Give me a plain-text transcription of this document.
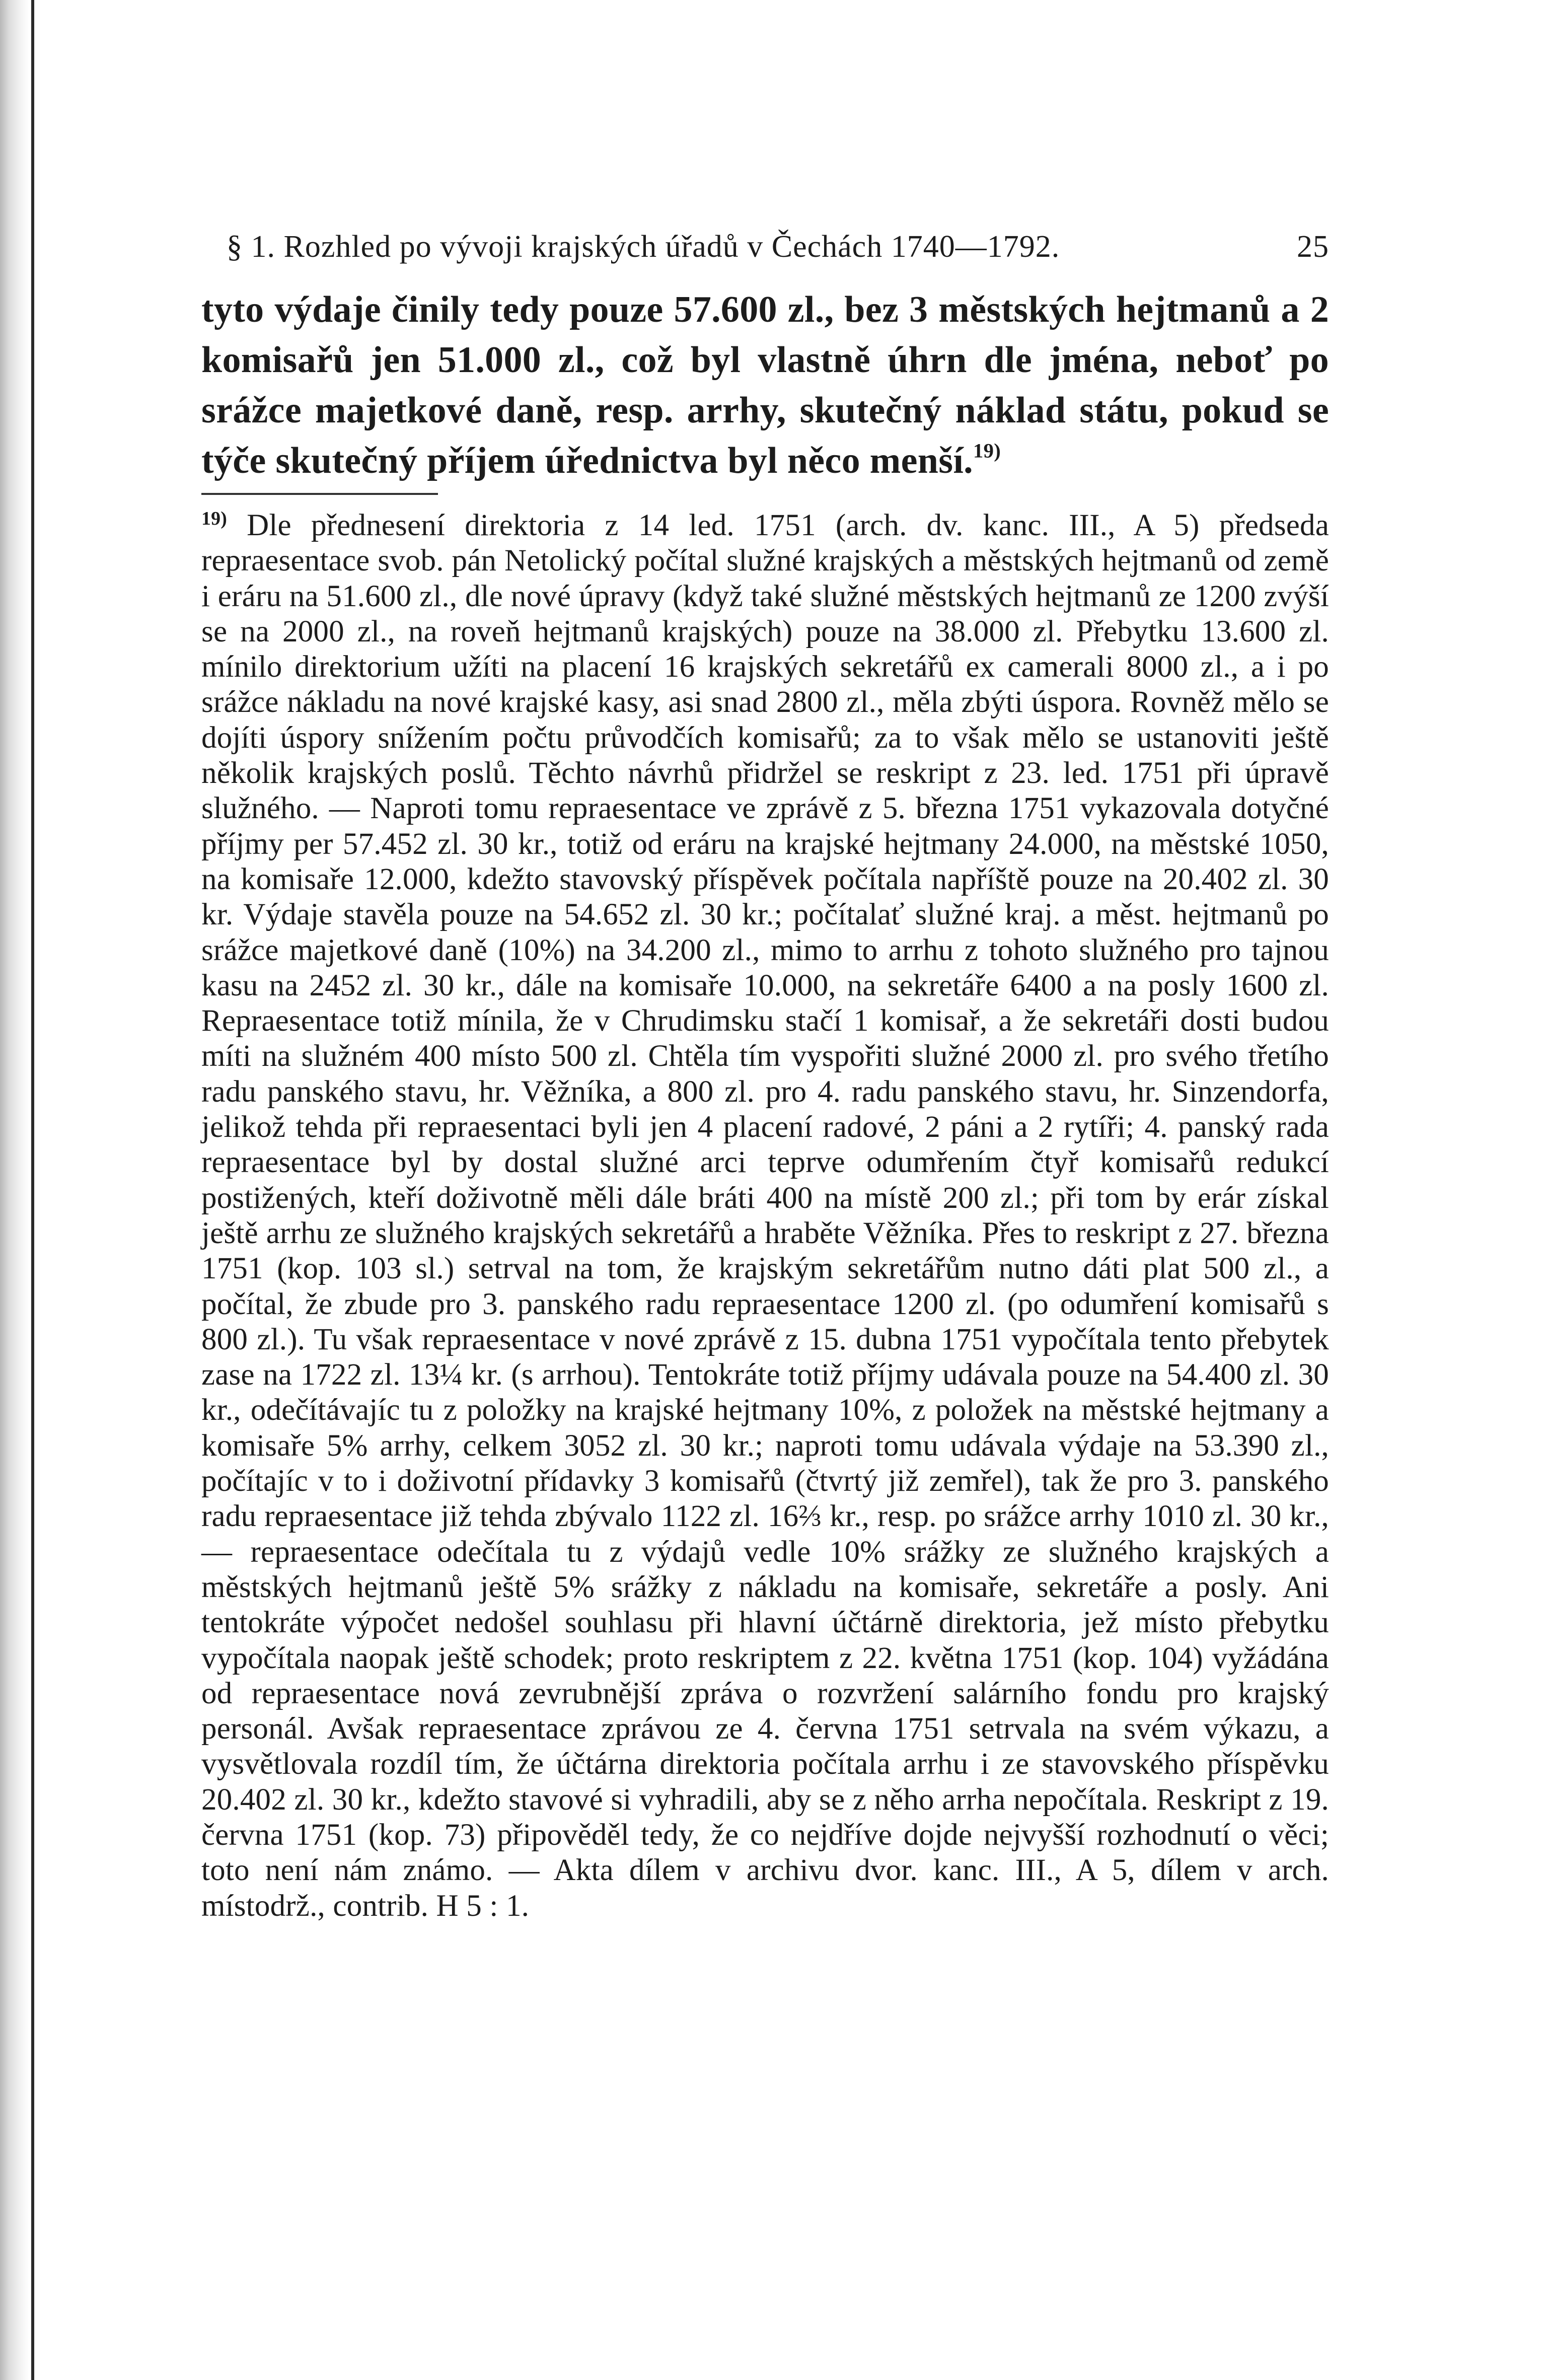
§ 1. Rozhled po vývoji krajských úřadů v Čechách 1740—1792.	25

tyto výdaje činily tedy pouze 57.600 zl., bez 3 městských hejtmanů a 2 komisařů jen 51.000 zl., což byl vlastně úhrn dle jména, neboť po srážce majetkové daně, resp. arrhy, skutečný náklad státu, pokud se týče skutečný příjem úřednictva byl něco menší.$^{19)}$

$^{19)}$ Dle přednesení direktoria z 14 led. 1751 (arch. dv. kanc. III., A 5) předseda repraesentace svob. pán Netolický počítal služné krajských a městských hejtmanů od země i eráru na 51.600 zl., dle nové úpravy (když také služné městských hejtmanů ze 1200 zvýší se na 2000 zl., na roveň hejtmanů krajských) pouze na 38.000 zl. Přebytku 13.600 zl. mínilo direktorium užíti na placení 16 krajských sekretářů ex camerali 8000 zl., a i po srážce nákladu na nové krajské kasy, asi snad 2800 zl., měla zbýti úspora. Rovněž mělo se dojíti úspory snížením počtu průvodčích komisařů; za to však mělo se ustanoviti ještě několik krajských poslů. Těchto návrhů přidržel se reskript z 23. led. 1751 při úpravě služného. — Naproti tomu repraesentace ve zprávě z 5. března 1751 vykazovala dotyčné příjmy per 57.452 zl. 30 kr., totiž od eráru na krajské hejtmany 24.000, na městské 1050, na komisaře 12.000, kdežto stavovský příspěvek počítala napříště pouze na 20.402 zl. 30 kr. Výdaje stavěla pouze na 54.652 zl. 30 kr.; počítalať služné kraj. a měst. hejtmanů po srážce majetkové daně (10%) na 34.200 zl., mimo to arrhu z tohoto služného pro tajnou kasu na 2452 zl. 30 kr., dále na komisaře 10.000, na sekretáře 6400 a na posly 1600 zl. Repraesentace totiž mínila, že v Chrudimsku stačí 1 komisař, a že sekretáři dosti budou míti na služném 400 místo 500 zl. Chtěla tím vyspořiti služné 2000 zl. pro svého třetího radu panského stavu, hr. Věžníka, a 800 zl. pro 4. radu panského stavu, hr. Sinzendorfa, jelikož tehda při repraesentaci byli jen 4 placení radové, 2 páni a 2 rytíři; 4. panský rada repraesentace byl by dostal služné arci teprve odumřením čtyř komisařů redukcí postižených, kteří doživotně měli dále bráti 400 na místě 200 zl.; při tom by erár získal ještě arrhu ze služného krajských sekretářů a hraběte Věžníka. Přes to reskript z 27. března 1751 (kop. 103 sl.) setrval na tom, že krajským sekretářům nutno dáti plat 500 zl., a počítal, že zbude pro 3. panského radu repraesentace 1200 zl. (po odumření komisařů s 800 zl.). Tu však repraesentace v nové zprávě z 15. dubna 1751 vypočítala tento přebytek zase na 1722 zl. 13¼ kr. (s arrhou). Tentokráte totiž příjmy udávala pouze na 54.400 zl. 30 kr., odečítávajíc tu z položky na krajské hejtmany 10%, z položek na městské hejtmany a komisaře 5% arrhy, celkem 3052 zl. 30 kr.; naproti tomu udávala výdaje na 53.390 zl., počítajíc v to i doživotní přídavky 3 komisařů (čtvrtý již zemřel), tak že pro 3. panského radu repraesentace již tehda zbývalo 1122 zl. 16⅔ kr., resp. po srážce arrhy 1010 zl. 30 kr., — repraesentace odečítala tu z výdajů vedle 10% srážky ze služného krajských a městských hejtmanů ještě 5% srážky z nákladu na komisaře, sekretáře a posly. Ani tentokráte výpočet nedošel souhlasu při hlavní účtárně direktoria, jež místo přebytku vypočítala naopak ještě schodek; proto reskriptem z 22. května 1751 (kop. 104) vyžádána od repraesentace nová zevrubnější zpráva o rozvržení salárního fondu pro krajský personál. Avšak repraesentace zprávou ze 4. června 1751 setrvala na svém výkazu, a vysvětlovala rozdíl tím, že účtárna direktoria počítala arrhu i ze stavovského příspěvku 20.402 zl. 30 kr., kdežto stavové si vyhradili, aby se z něho arrha nepočítala. Reskript z 19. června 1751 (kop. 73) připověděl tedy, že co nejdříve dojde nejvyšší rozhodnutí o věci; toto není nám známo. — Akta dílem v archivu dvor. kanc. III., A 5, dílem v arch. místodrž., contrib. H 5 : 1.
